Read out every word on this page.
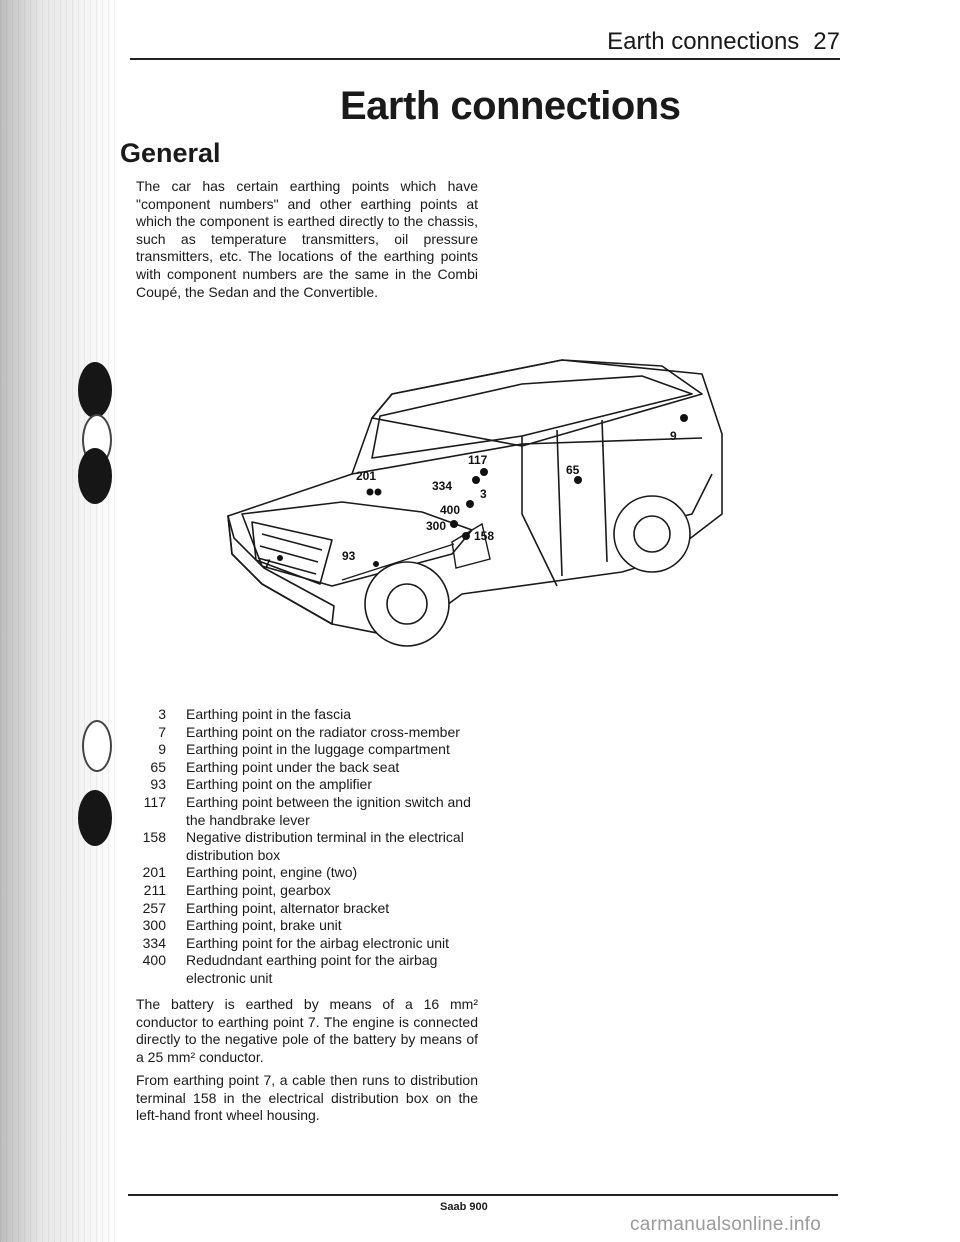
Earth connections 27
Earth connections
General

The car has certain earthing points which have "component numbers" and other earthing points at which the component is earthed directly to the chassis, such as temperature transmitters, oil pressure transmitters, etc. The locations of the earthing points with component numbers are the same in the Combi Coupé, the Sedan and the Convertible.

117
201
334
3
400
300
158
65
9
93
7
3 Earthing point in the fascia
7 Earthing point on the radiator cross-member
9 Earthing point in the luggage compartment
65 Earthing point under the back seat
93 Earthing point on the amplifier
117 Earthing point between the ignition switch and the handbrake lever
158 Negative distribution terminal in the electrical distribution box
201 Earthing point, engine (two)
211 Earthing point, gearbox
257 Earthing point, alternator bracket
300 Earthing point, brake unit
334 Earthing point for the airbag electronic unit
400 Redudndant earthing point for the airbag electronic unit

The battery is earthed by means of a 16 mm² conductor to earthing point 7. The engine is connected directly to the negative pole of the battery by means of a 25 mm² conductor.

From earthing point 7, a cable then runs to distribution terminal 158 in the electrical distribution box on the left-hand front wheel housing.

Saab 900
carmanualsonline.info
